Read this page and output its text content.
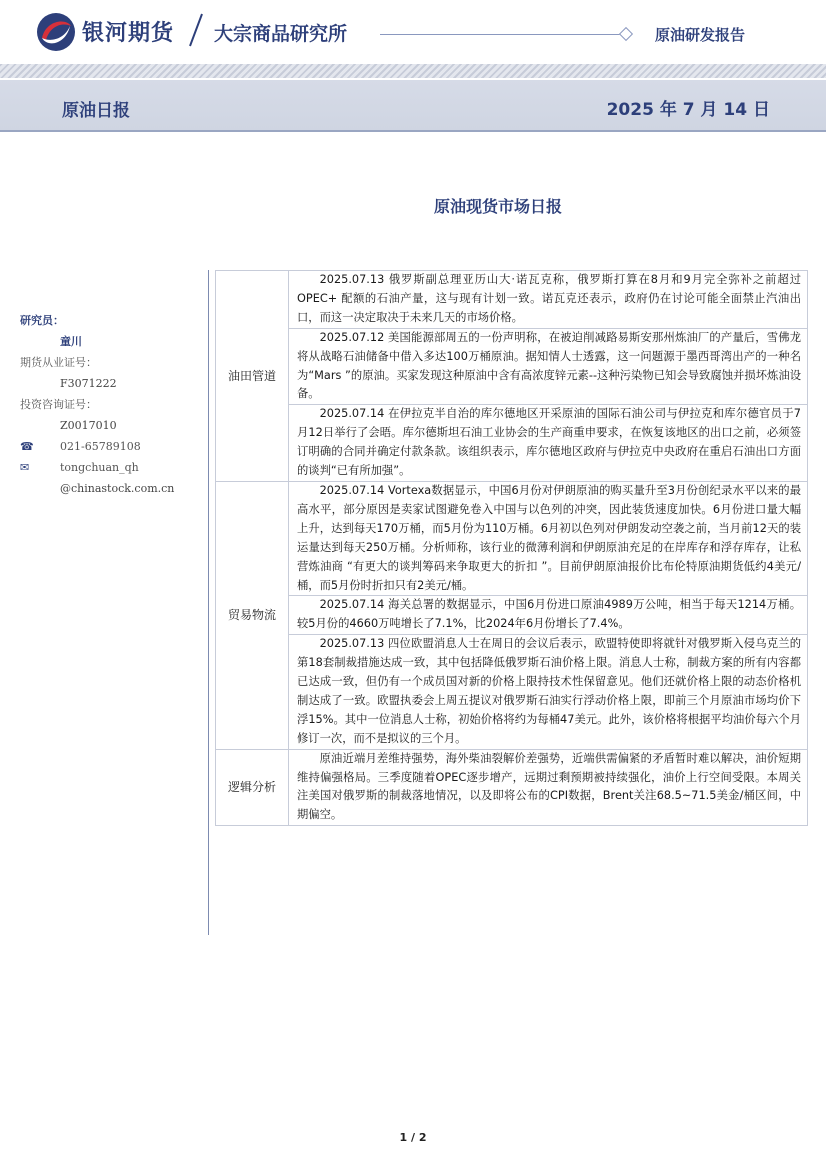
银河期货 大宗商品研究所	原油研发报告
原油日报	2025 年 7 月 14 日
原油现货市场日报
研究员：
童川
期货从业证号：
F3071222
投资咨询证号：
Z0017010
☎	021-65789108
✉	tongchuan_qh
@chinastock.com.cn
油田管道	2025.07.13 俄罗斯副总理亚历山大·诺瓦克称，俄罗斯打算在8月和9月完全弥补之前超过 OPEC+ 配额的石油产量，这与现有计划一致。诺瓦克还表示，政府仍在讨论可能全面禁止汽油出口，而这一决定取决于未来几天的市场价格。

	2025.07.12 美国能源部周五的一份声明称，在被迫削减路易斯安那州炼油厂的产量后，雪佛龙将从战略石油储备中借入多达100万桶原油。据知情人士透露，这一问题源于墨西哥湾出产的一种名为“Mars ”的原油。买家发现这种原油中含有高浓度锌元素--这种污染物已知会导致腐蚀并损坏炼油设备。

	2025.07.14 在伊拉克半自治的库尔德地区开采原油的国际石油公司与伊拉克和库尔德官员于7月12日举行了会晤。库尔德斯坦石油工业协会的生产商重申要求，在恢复该地区的出口之前，必须签订明确的合同并确定付款条款。该组织表示，库尔德地区政府与伊拉克中央政府在重启石油出口方面的谈判“已有所加强”。

贸易物流	2025.07.14 Vortexa数据显示，中国6月份对伊朗原油的购买量升至3月份创纪录水平以来的最高水平，部分原因是卖家试图避免卷入中国与以色列的冲突，因此装货速度加快。6月份进口量大幅上升，达到每天170万桶，而5月份为110万桶。6月初以色列对伊朗发动空袭之前，当月前12天的装运量达到每天250万桶。分析师称，该行业的微薄利润和伊朗原油充足的在岸库存和浮存库存，让私营炼油商 “有更大的谈判筹码来争取更大的折扣 ”。目前伊朗原油报价比布伦特原油期货低约4美元/桶，而5月份时折扣只有2美元/桶。

	2025.07.14 海关总署的数据显示，中国6月份进口原油4989万公吨，相当于每天1214万桶。较5月份的4660万吨增长了7.1%，比2024年6月份增长了7.4%。

	2025.07.13 四位欧盟消息人士在周日的会议后表示，欧盟特使即将就针对俄罗斯入侵乌克兰的第18套制裁措施达成一致，其中包括降低俄罗斯石油价格上限。消息人士称，制裁方案的所有内容都已达成一致，但仍有一个成员国对新的价格上限持技术性保留意见。他们还就价格上限的动态价格机制达成了一致。欧盟执委会上周五提议对俄罗斯石油实行浮动价格上限，即前三个月原油市场均价下浮15%。其中一位消息人士称，初始价格将约为每桶47美元。此外，该价格将根据平均油价每六个月修订一次，而不是拟议的三个月。

逻辑分析	原油近端月差维持强势，海外柴油裂解价差强势，近端供需偏紧的矛盾暂时难以解决，油价短期维持偏强格局。三季度随着OPEC逐步增产，远期过剩预期被持续强化，油价上行空间受限。本周关注美国对俄罗斯的制裁落地情况，以及即将公布的CPI数据，Brent关注68.5~71.5美金/桶区间，中期偏空。

1 / 2
